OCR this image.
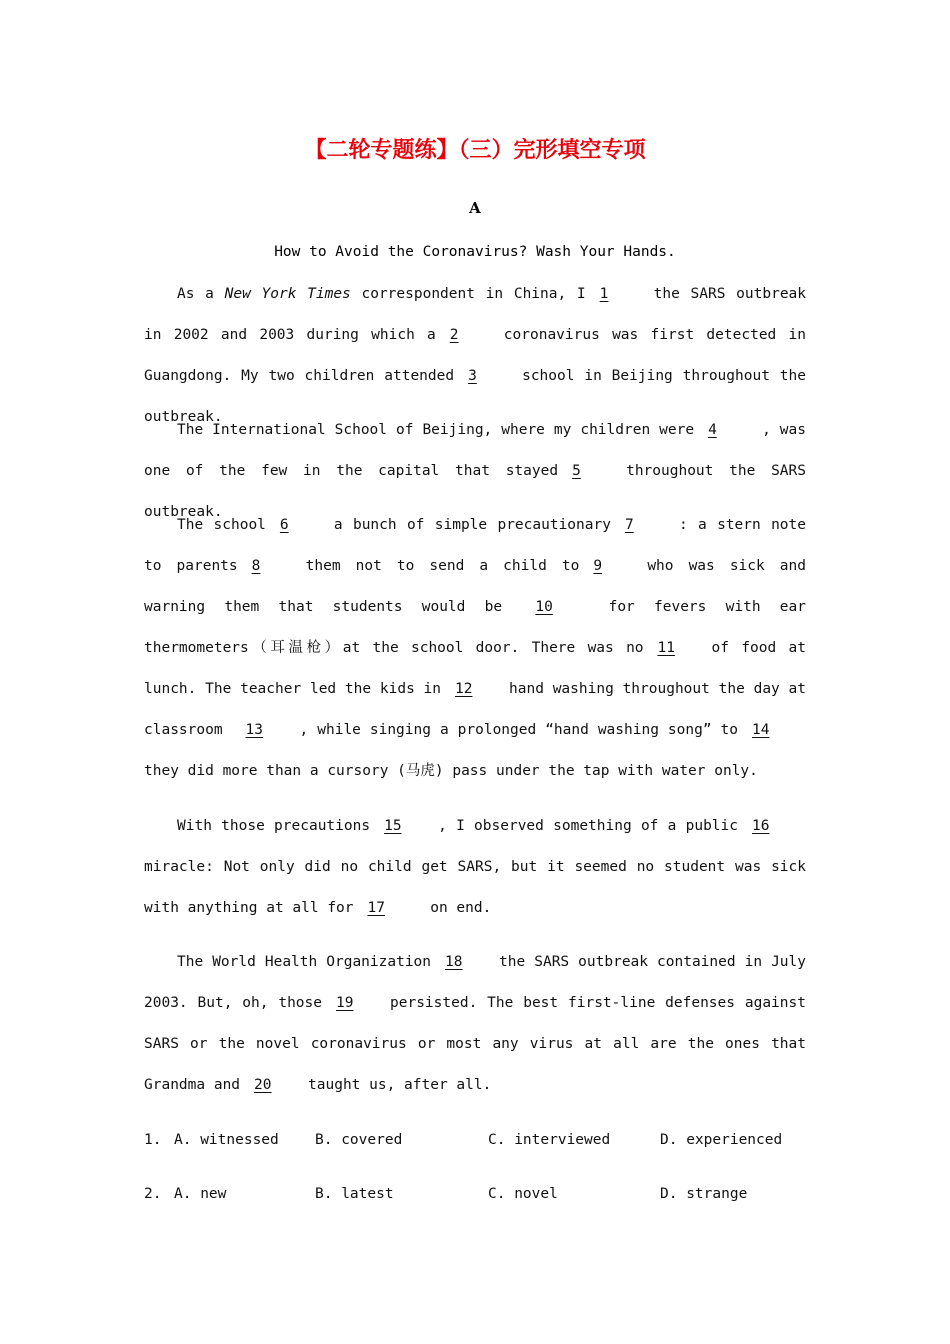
【二轮专题练】（三）完形填空专项
A
How to Avoid the Coronavirus? Wash Your Hands.

As a New York Times correspondent in China, I 1	the SARS outbreak in 2002 and 2003 during which a 2	coronavirus was first detected in Guangdong. My two children attended 3	school in Beijing throughout the outbreak.

The International School of Beijing, where my children were 4	, was one of the few in the capital that stayed 5	throughout the SARS outbreak.

The school 6	a bunch of simple precautionary 7	: a stern note to parents 8	them not to send a child to 9	who was sick and warning them that students would be 10	for fevers with ear thermometers（耳温枪）at the school door. There was no 11	of food at lunch. The teacher led the kids in 12	hand washing throughout the day at classroom 13	, while singing a prolonged “hand washing song” to 14they did more than a cursory (马虎) pass under the tap with water only.

With those precautions 15	, I observed something of a public 16 miracle: Not only did no child get SARS, but it seemed no student was sick with anything at all for 17	on end.

The World Health Organization 18	the SARS outbreak contained in July 2003. But, oh, those 19	persisted. The best first-line defenses against SARS or the novel coronavirus or most any virus at all are the ones that Grandma and 20	taught us, after all.

1. A. witnessed B. covered	C. interviewed	D. experienced
2. A. new	B. latest	C. novel	D. strange
